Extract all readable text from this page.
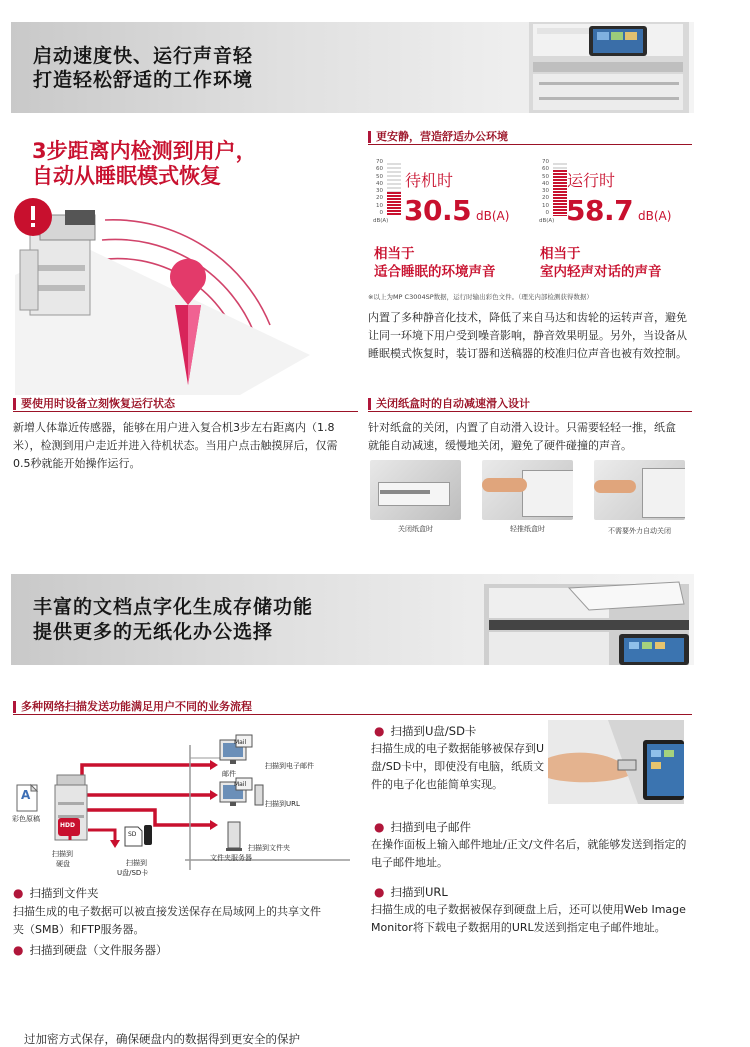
启动速度快、运行声音轻
打造轻松舒适的工作环境
3步距离内检测到用户，
自动从睡眠模式恢复
要使用时设备立刻恢复运行状态
新增人体靠近传感器，能够在用户进入复合机3步左右距离内（1.8米），检测到用户走近并进入待机状态。当用户点击触摸屏后，仅需0.5秒就能开始操作运行。
更安静，营造舒适办公环境
70
60
50
40
30
20
10
0
dB(A)
待机时
30.5 dB(A)
相当于
适合睡眠的环境声音
70
60
50
40
30
20
10
0
dB(A)
运行时
58.7 dB(A)
相当于
室内轻声对话的声音
※以上为MP C3004SP数据，运行时输出彩色文件。（理光内部检测获得数据）
内置了多种静音化技术，降低了来自马达和齿轮的运转声音，避免让同一环境下用户受到噪音影响，静音效果明显。另外，当设备从睡眠模式恢复时，装订器和送稿器的校准归位声音也被有效控制。
关闭纸盒时的自动减速滑入设计
针对纸盒的关闭，内置了自动滑入设计。只需要轻轻一推，纸盒就能自动减速，缓慢地关闭，避免了硬件碰撞的声音。
关闭纸盒时	轻推纸盒时	不需要外力自动关闭
丰富的文档点字化生成存储功能
提供更多的无纸化办公选择
多种网络扫描发送功能满足用户不同的业务流程
扫描到电子邮件
邮件
扫描到URL
扫描到文件夹
文件夹服务器
彩色原稿
扫描到
硬盘	扫描到
U盘/SD卡
HDD
SD
Mail
Mail
A
● 扫描到文件夹
扫描生成的电子数据可以被直接发送保存在局域网上的共享文件夹（SMB）和FTP服务器。
● 扫描到硬盘（文件服务器）
● 扫描到U盘/SD卡
扫描生成的电子数据能够被保存到U盘/SD卡中，即使没有电脑，纸质文件的电子化也能简单实现。
● 扫描到电子邮件
在操作面板上输入邮件地址/正文/文件名后，就能够发送到指定的电子邮件地址。
● 扫描到URL
扫描生成的电子数据被保存到硬盘上后，还可以使用Web Image Monitor将下载电子数据用的URL发送到指定电子邮件地址。
过加密方式保存，确保硬盘内的数据得到更安全的保护
